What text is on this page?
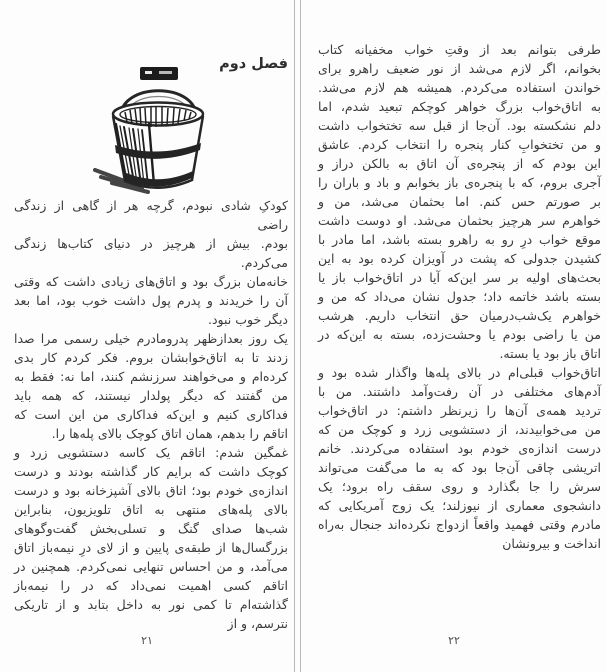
فصل دوم
کودکِ شادی نبودم، گرچه هر از گاهی از زندگی راضی
بودم. بیش از هرچیز در دنیای کتاب‌ها زندگی
می‌کردم.
خانه‌مان بزرگ بود و اتاق‌های زیادی داشت که وقتی
آن را خریدند و پدرم پول داشت خوب بود، اما بعد
دیگر خوب نبود.
یک روز بعدازظهر پدرومادرم خیلی رسمی مرا صدا
زدند تا به اتاق‌خوابشان بروم. فکر کردم کار بدی
کرده‌ام و می‌خواهند سرزنشم کنند، اما نه: فقط به
من گفتند که دیگر پولدار نیستند، که همه باید
فداکاری کنیم و این‌که فداکاری من این است که
اتاقم را بدهم، همان اتاق کوچک بالای پله‌ها را.
غمگین شدم: اتاقم یک کاسه دستشویی زرد و
کوچک داشت که برایم کار گذاشته بودند و درست
اندازه‌ی خودم بود؛ اتاق بالای آشپزخانه بود و درست
بالای پله‌های منتهی به اتاق تلویزیون، بنابراین
شب‌ها صدای گنگ و تسلی‌بخش گفت‌وگوهای
بزرگسال‌ها از طبقه‌ی پایین و از لای درِ نیمه‌باز اتاق
می‌آمد، و من احساس تنهایی نمی‌کردم. همچنین در
اتاقم کسی اهمیت نمی‌داد که در را نیمه‌باز
گذاشته‌ام تا کمی نور به داخل بتابد و از تاریکی
نترسم، و از
۲۱
طرفی بتوانم بعد از وقتِ خواب مخفیانه کتاب
بخوانم، اگر لازم می‌شد از نور ضعیف راهرو برای
خواندن استفاده می‌کردم. همیشه هم لازم می‌شد.
به اتاق‌خواب بزرگ خواهر کوچکم تبعید شدم، اما
دلم نشکسته بود. آن‌جا از قبل سه تختخواب داشت
و من تختخوابِ کنار پنجره را انتخاب کردم. عاشق
این بودم که از پنجره‌ی آن اتاق به بالکن دراز و
آجری بروم، که با پنجره‌ی باز بخوابم و باد و باران را
بر صورتم حس کنم. اما بحثمان می‌شد، من و
خواهرم سر هرچیز بحثمان می‌شد. او دوست داشت
موقع خواب درِ رو به راهرو بسته باشد، اما مادر با
کشیدن جدولی که پشت در آویزان کرده بود به این
بحث‌های اولیه بر سر این‌که آیا در اتاق‌خواب باز یا
بسته باشد خاتمه داد؛ جدول نشان می‌داد که من و
خواهرم یک‌شب‌درمیان حق انتخاب داریم. هرشب
من یا راضی بودم یا وحشت‌زده، بسته به این‌که در
اتاق باز بود یا بسته.
اتاق‌خواب قبلی‌ام در بالای پله‌ها واگذار شده بود و
آدم‌های مختلفی در آن رفت‌وآمد داشتند. من با
تردید همه‌ی آن‌ها را زیرنظر داشتم: در اتاق‌خواب
من می‌خوابیدند، از دستشویی زرد و کوچک من که
درست اندازه‌ی خودم بود استفاده می‌کردند. خانم
اتریشی چاقی آن‌جا بود که به ما می‌گفت می‌تواند
سرش را جا بگذارد و روی سقف راه برود؛ یک
دانشجوی معماری از نیوزلند؛ یک زوج آمریکایی که
مادرم وقتی فهمید واقعاً ازدواج نکرده‌اند جنجال به‌راه
انداخت و بیرونشان
۲۲
